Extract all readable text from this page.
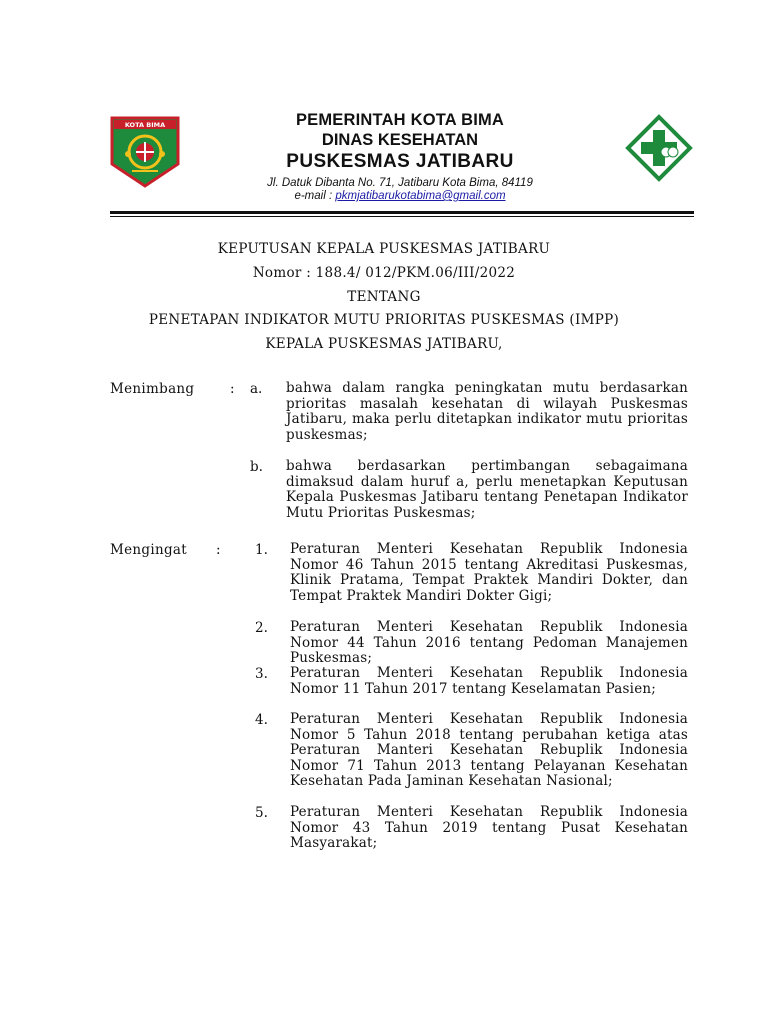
KOTA BIMA	PEMERINTAH KOTA BIMA
DINAS KESEHATAN
PUSKESMAS JATIBARU
Jl. Datuk Dibanta No. 71, Jatibaru Kota Bima, 84119
e-mail : pkmjatibarukotabima@gmail.com
KEPUTUSAN KEPALA PUSKESMAS JATIBARU
Nomor : 188.4/ 012/PKM.06/III/2022
TENTANG
PENETAPAN INDIKATOR MUTU PRIORITAS PUSKESMAS (IMPP)
KEPALA PUSKESMAS JATIBARU,
Menimbang	: a. bahwa dalam rangka peningkatan mutu berdasarkan prioritas masalah kesehatan di wilayah Puskesmas Jatibaru, maka perlu ditetapkan indikator mutu prioritas puskesmas;
b. bahwa berdasarkan pertimbangan sebagaimana dimaksud dalam huruf a, perlu menetapkan Keputusan Kepala Puskesmas Jatibaru tentang Penetapan Indikator Mutu Prioritas Puskesmas;
Mengingat :	1. Peraturan Menteri Kesehatan Republik Indonesia Nomor 46 Tahun 2015 tentang Akreditasi Puskesmas, Klinik Pratama, Tempat Praktek Mandiri Dokter, dan Tempat Praktek Mandiri Dokter Gigi;
2. Peraturan Menteri Kesehatan Republik Indonesia Nomor 44 Tahun 2016 tentang Pedoman Manajemen Puskesmas;
3. Peraturan Menteri Kesehatan Republik Indonesia Nomor 11 Tahun 2017 tentang Keselamatan Pasien;
4. Peraturan Menteri Kesehatan Republik Indonesia Nomor 5 Tahun 2018 tentang perubahan ketiga atas Peraturan Manteri Kesehatan Rebuplik Indonesia Nomor 71 Tahun 2013 tentang Pelayanan Kesehatan Kesehatan Pada Jaminan Kesehatan Nasional;
5. Peraturan Menteri Kesehatan Republik Indonesia Nomor 43 Tahun 2019 tentang Pusat Kesehatan Masyarakat;
